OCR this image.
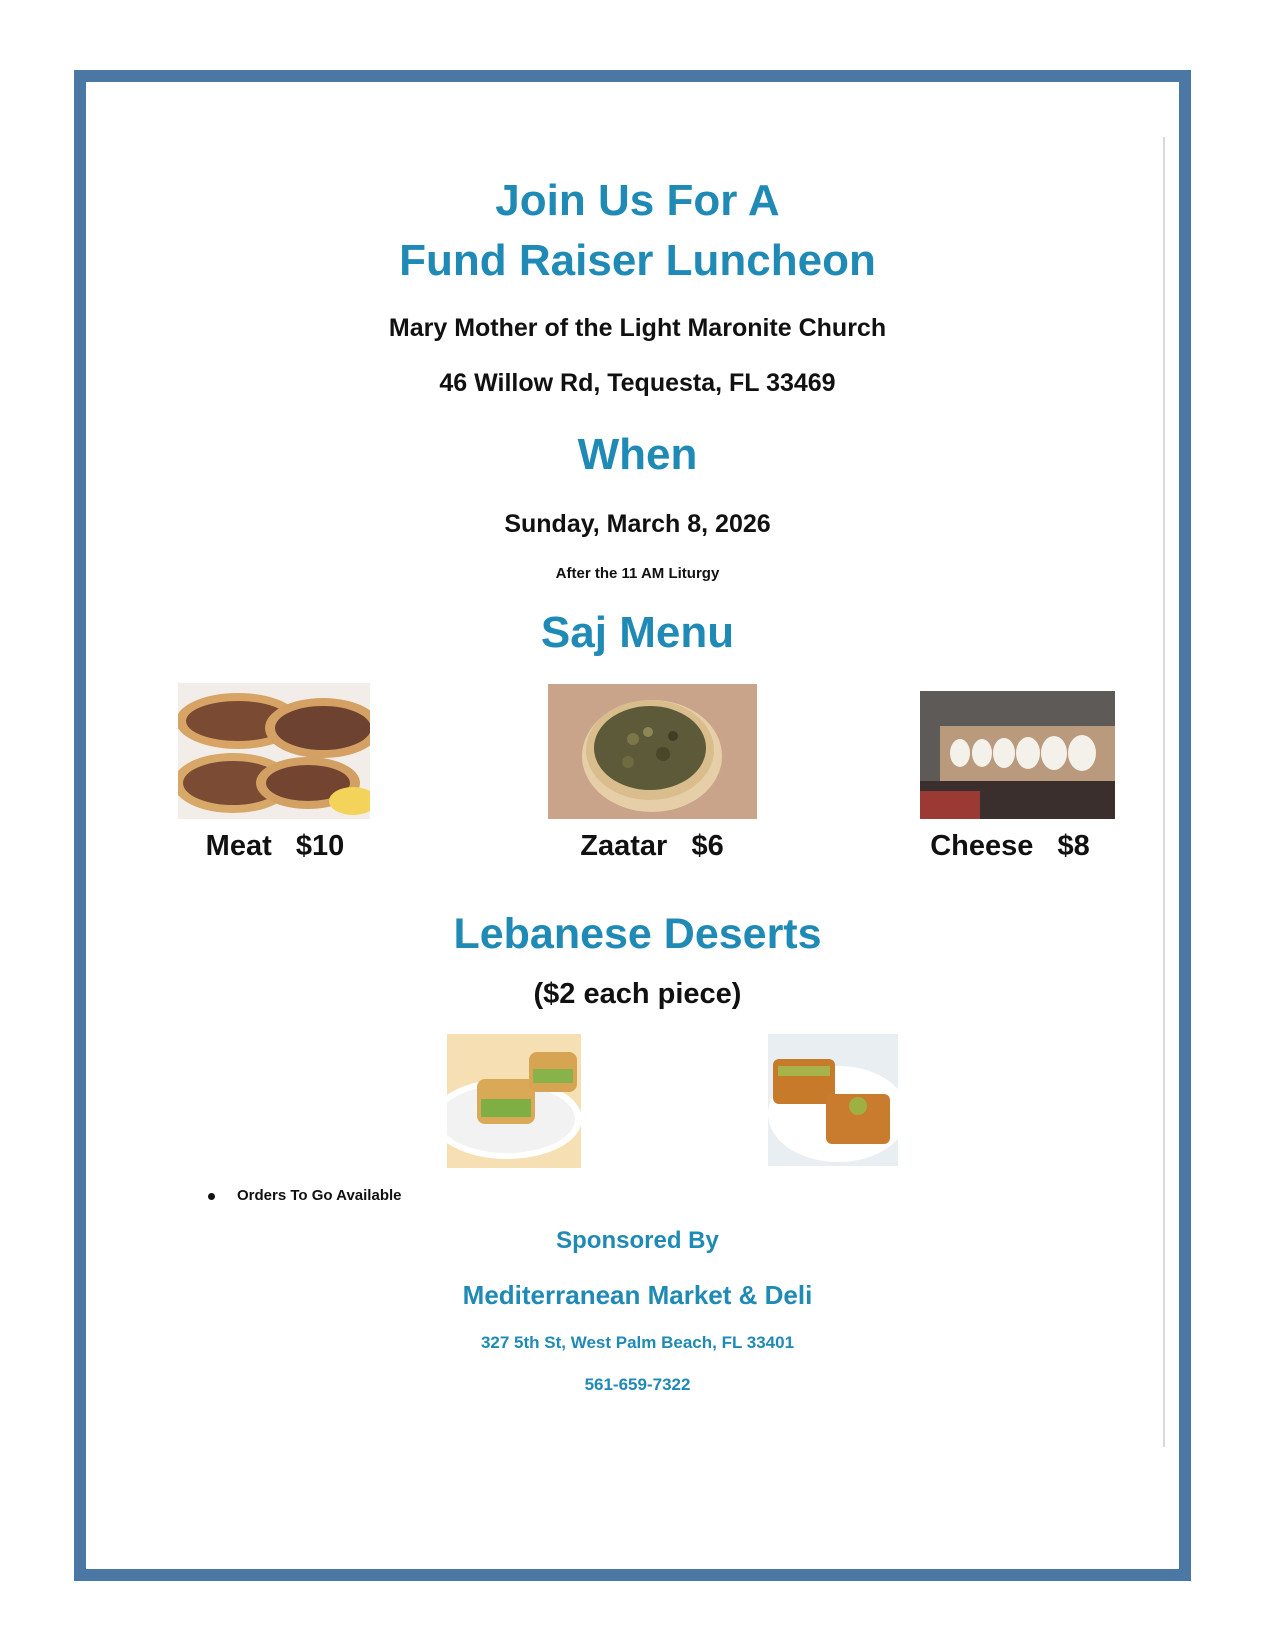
Join Us For A
Fund Raiser Luncheon
Mary Mother of the Light Maronite Church
46 Willow Rd, Tequesta, FL 33469
When
Sunday, March 8, 2026
After the 11 AM Liturgy
Saj Menu
Meat $10	Zaatar $6	Cheese $8
Lebanese Deserts
($2 each piece)
Orders To Go Available
Sponsored By
Mediterranean Market & Deli
327 5th St, West Palm Beach, FL 33401
561-659-7322
